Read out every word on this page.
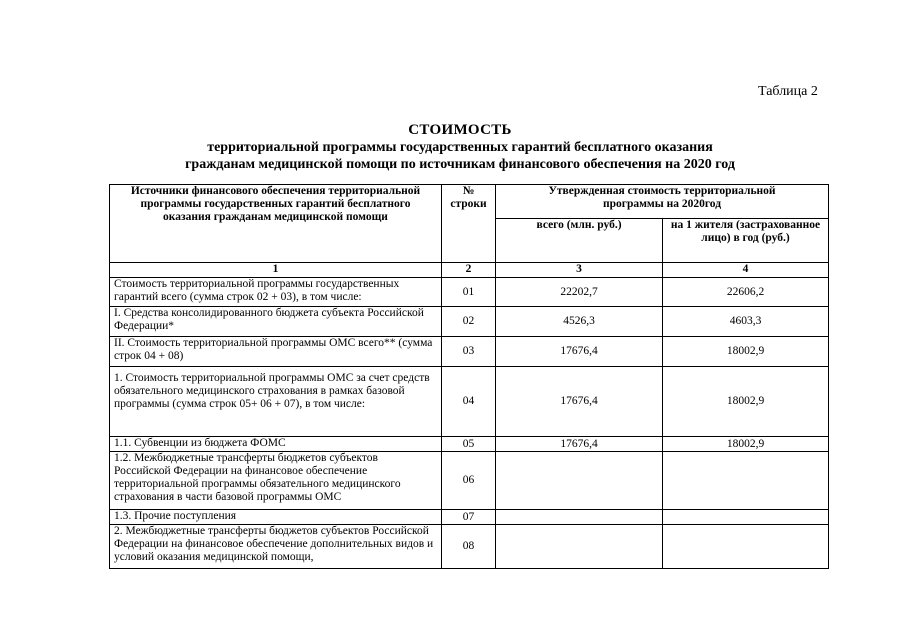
Таблица 2
СТОИМОСТЬ
территориальной программы государственных гарантий бесплатного оказания
гражданам медицинской помощи по источникам финансового обеспечения на 2020 год
Источники финансового обеспечения территориальной программы государственных гарантий бесплатного оказания гражданам медицинской помощи	№ строки	Утвержденная стоимость территориальной программы на 2020год	
		всего (млн. руб.)	на 1 жителя (застрахованное лицо) в год (руб.)
1	2	3	4
Стоимость территориальной программы государственных гарантий всего (сумма строк 02 + 03), в том числе:	01	22202,7	22606,2
I. Средства консолидированного бюджета субъекта Российской Федерации*	02	4526,3	4603,3
II. Стоимость территориальной программы ОМС всего** (сумма строк 04 + 08)	03	17676,4	18002,9
1. Стоимость территориальной программы ОМС за счет средств обязательного медицинского страхования в рамках базовой программы (сумма строк 05+ 06 + 07), в том числе:	04	17676,4	18002,9
1.1. Субвенции из бюджета ФОМС	05	17676,4	18002,9
1.2. Межбюджетные трансферты бюджетов субъектов Российской Федерации на финансовое обеспечение территориальной программы обязательного медицинского страхования в части базовой программы ОМС	06		
1.3. Прочие поступления	07		
2. Межбюджетные трансферты бюджетов субъектов Российской Федерации на финансовое обеспечение дополнительных видов и условий оказания медицинской помощи,	08		
